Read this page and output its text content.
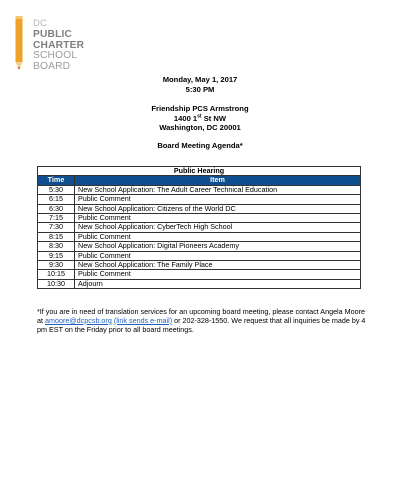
DC
PUBLIC
CHARTER
SCHOOL
BOARD
Monday, May 1, 2017
5:30 PM
Friendship PCS Armstrong
1400 1st St NW
Washington, DC 20001
Board Meeting Agenda*
Public Hearing	
Time	Item
5:30	New School Application: The Adult Career Technical Education
6:15	Public Comment
6:30	New School Application: Citizens of the World DC
7:15	Public Comment
7:30	New School Application: CyberTech High School
8:15	Public Comment
8:30	New School Application: Digital Pioneers Academy
9:15	Public Comment
9:30	New School Application: The Family Place
10:15	Public Comment
10:30	Adjourn
*If you are in need of translation services for an upcoming board meeting, please contact Angela Moore at amoore@dcpcsb.org (link sends e-mail) or 202-328-1550. We request that all inquiries be made by 4 pm EST on the Friday prior to all board meetings.
